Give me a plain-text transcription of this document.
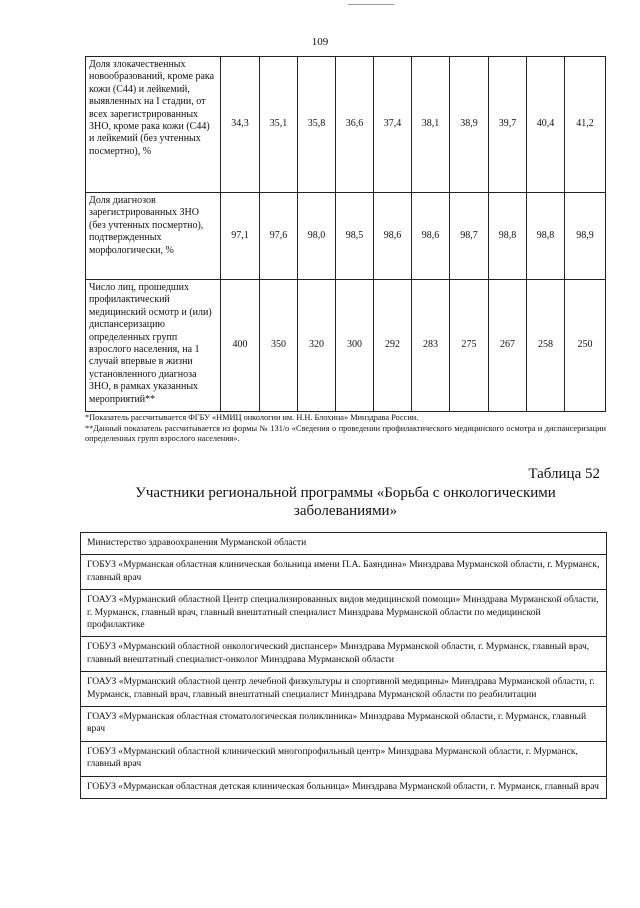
109
Доля злокачественных новообразований, кроме рака кожи (С44) и лейкемий, выявленных на I стадии, от всех зарегистрированных ЗНО, кроме рака кожи (С44) и лейкемий (без учтенных посмертно), %	34,3	35,1	35,8	36,6	37,4	38,1	38,9	39,7	40,4	41,2
Доля диагнозов зарегистрированных ЗНО (без учтенных посмертно), подтвержденных морфологически, %	97,1	97,6	98,0	98,5	98,6	98,6	98,7	98,8	98,8	98,9
Число лиц, прошедших профилактический медицинский осмотр и (или) диспансеризацию определенных групп взрослого населения, на 1 случай впервые в жизни установленного диагноза ЗНО, в рамках указанных мероприятий**	400	350	320	300	292	283	275	267	258	250

*Показатель рассчитывается ФГБУ «НМИЦ онкологии им. Н.Н. Блохина» Минздрава России.

**Данный показатель рассчитывается из формы № 131/о «Сведения о проведении профилактического медицинского осмотра и диспансеризации определенных групп взрослого населения».

Таблица 52
Участники региональной программы «Борьба с онкологическими заболеваниями»
Министерство здравоохранения Мурманской области
ГОБУЗ «Мурманская областная клиническая больница имени П.А. Баяндина» Минздрава Мурманской области, г. Мурманск, главный врач
ГОАУЗ «Мурманский областной Центр специализированных видов медицинской помощи» Минздрава Мурманской области, г. Мурманск, главный врач, главный внештатный специалист Минздрава Мурманской области по медицинской профилактике
ГОБУЗ «Мурманский областной онкологический диспансер» Минздрава Мурманской области, г. Мурманск, главный врач, главный внештатный специалист-онколог Минздрава Мурманской области
ГОАУЗ «Мурманский областной центр лечебной физкультуры и спортивной медицины» Минздрава Мурманской области, г. Мурманск, главный врач, главный внештатный специалист Минздрава Мурманской области по реабилитации
ГОАУЗ «Мурманская областная стоматологическая поликлиника» Минздрава Мурманской области, г. Мурманск, главный врач
ГОБУЗ «Мурманский областной клинический многопрофильный центр» Минздрава Мурманской области, г. Мурманск, главный врач
ГОБУЗ «Мурманская областная детская клиническая больница» Минздрава Мурманской области, г. Мурманск, главный врач
